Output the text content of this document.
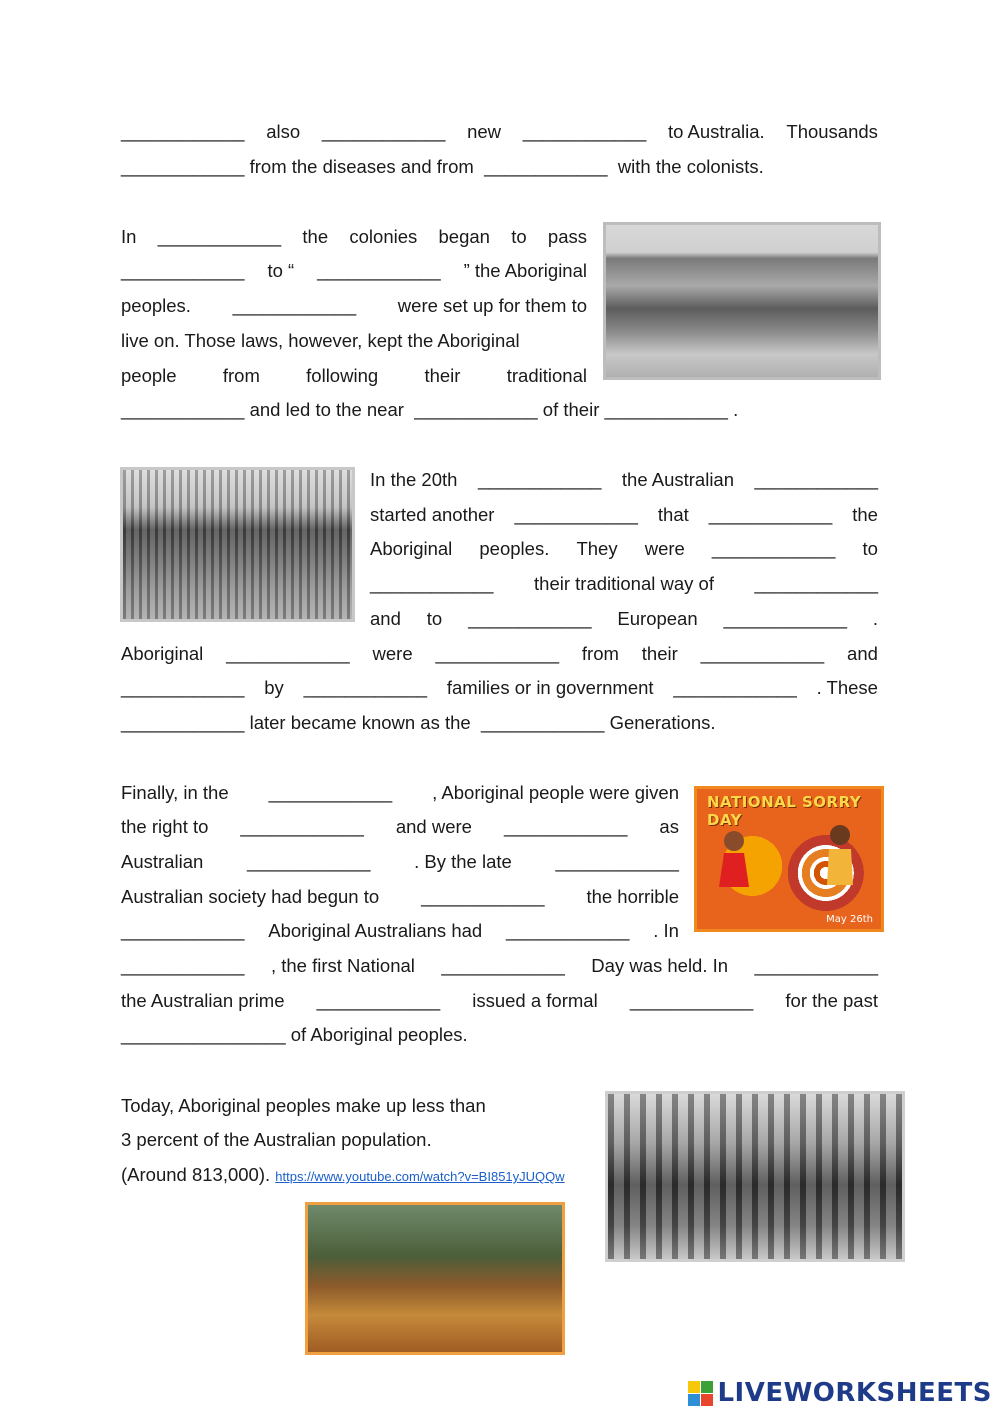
____________ also ____________ new ____________ to Australia. Thousands
____________ from the diseases and from ____________ with the colonists.
In ____________ the colonies began to pass
____________ to “ ____________ ” the Aboriginal
peoples. ____________ were set up for them to
live on. Those laws, however, kept the Aboriginal
people	from	following	their	traditional
____________ and led to the near ____________ of their ____________ .
In the 20th ____________ the Australian ____________
started another ____________ that ____________ the
Aboriginal peoples. They were ____________ to
____________ their traditional way of ____________
and to ____________ European ____________ .
Aboriginal ____________ were ____________ from their ____________ and
____________ by ____________ families or in government ____________ . These
____________ later became known as the ____________ Generations.
Finally, in the ____________ , Aboriginal people were given
the right to ____________ and were ____________ as
Australian ____________ . By the late ____________
Australian society had begun to ____________ the horrible
____________ Aboriginal Australians had ____________ . In
____________ , the first National ____________ Day was held. In ____________
the Australian prime ____________ issued a formal ____________ for the past
________________ of Aboriginal peoples.
NATIONAL SORRY DAY
May 26th
Today, Aboriginal peoples make up less than
3 percent of the Australian population.
(Around 813,000). https://www.youtube.com/watch?v=BI851yJUQQw
LIVEWORKSHEETS
